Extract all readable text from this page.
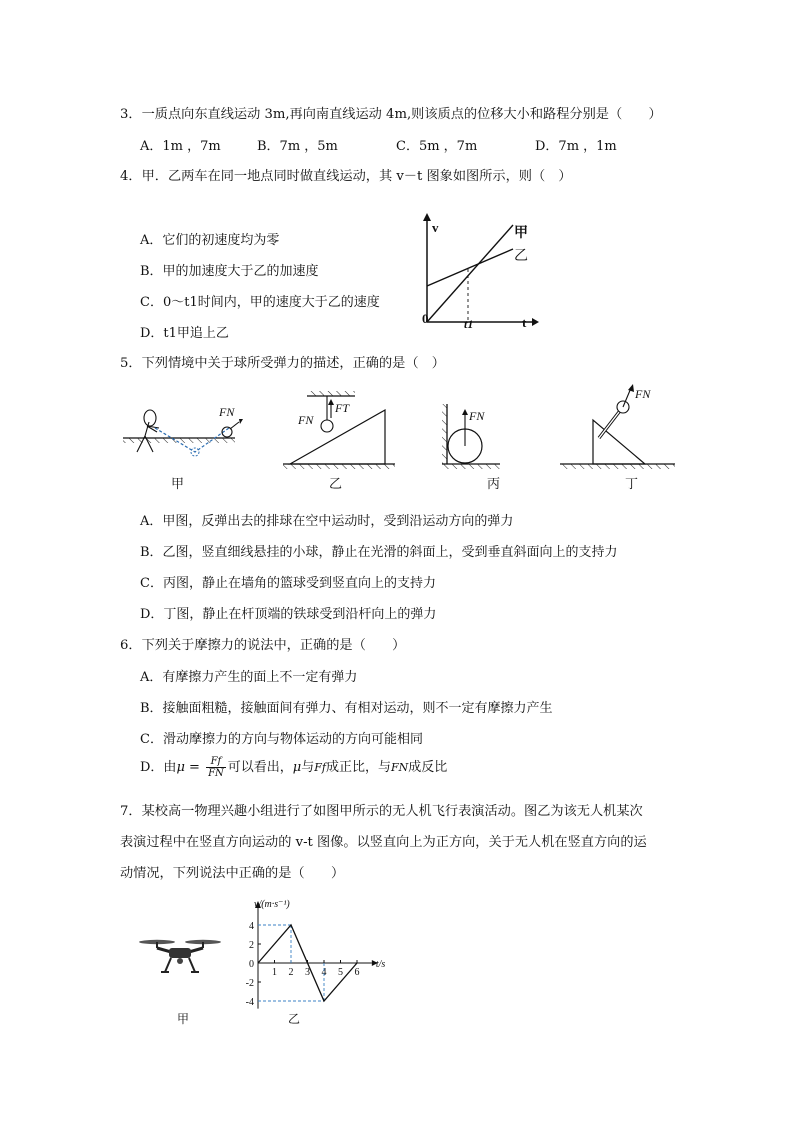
3．一质点向东直线运动 3m,再向南直线运动 4m,则该质点的位移大小和路程分别是（　　）
A．1m ，7m	B．7m ，5m	C．5m ，7m	D．7m ，1m
4．甲．乙两车在同一地点同时做直线运动，其 v－t 图象如图所示，则（　）
A．它们的初速度均为零
B．甲的加速度大于乙的加速度
C．0～t1时间内，甲的速度大于乙的速度
D．t1甲追上乙
v
t
0	t1
甲
乙
5．下列情境中关于球所受弹力的描述，正确的是（　）
FN
甲
FT
FN
乙
FN
丙
FN
丁
A．甲图，反弹出去的排球在空中运动时，受到沿运动方向的弹力
B．乙图，竖直细线悬挂的小球，静止在光滑的斜面上，受到垂直斜面向上的支持力
C．丙图，静止在墙角的篮球受到竖直向上的支持力
D．丁图，静止在杆顶端的铁球受到沿杆向上的弹力
6．下列关于摩擦力的说法中，正确的是（　　）
A．有摩擦力产生的面上不一定有弹力
B．接触面粗糙，接触面间有弹力、有相对运动，则不一定有摩擦力产生
C．滑动摩擦力的方向与物体运动的方向可能相同
D．由$\mu = \frac{Ff}{FN}$ 可以看出，μ与Ff成正比，与FN成反比
7．某校高一物理兴趣小组进行了如图甲所示的无人机飞行表演活动。图乙为该无人机某次
表演过程中在竖直方向运动的 v-t 图像。以竖直向上为正方向，关于无人机在竖直方向的运
动情况，下列说法中正确的是（　　）
甲
v/(m·s⁻¹)
t/s
4
2
0
-2
-4
1 2 3 4 5 6
乙
